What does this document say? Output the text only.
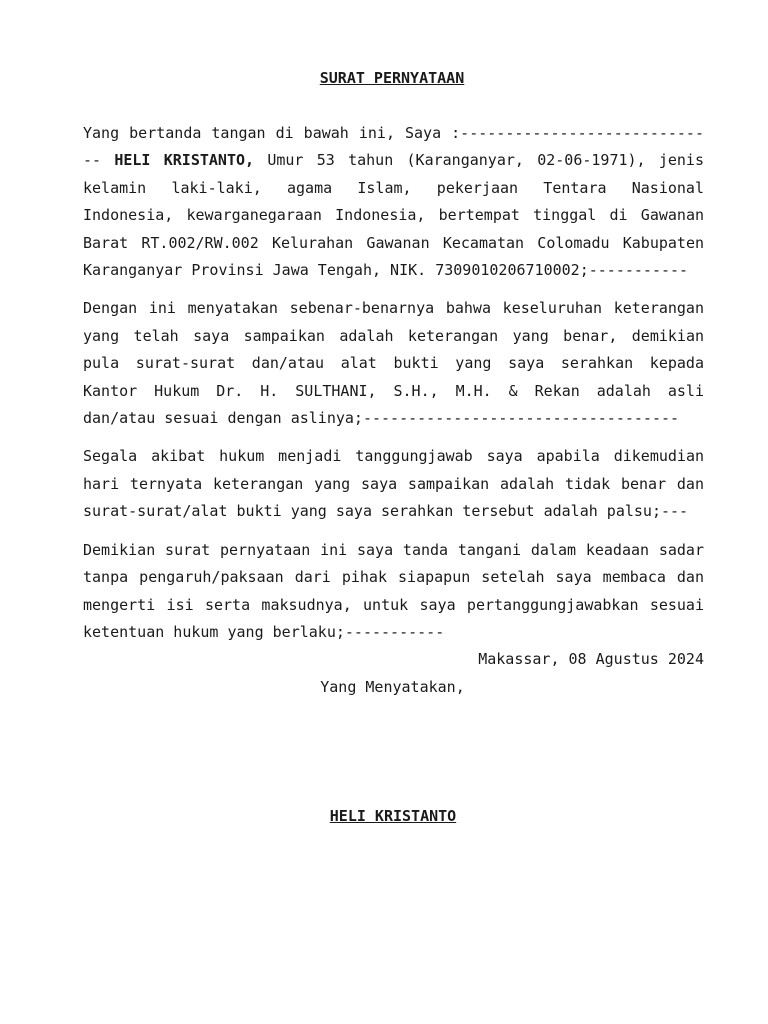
SURAT PERNYATAAN

Yang bertanda tangan di bawah ini, Saya :----------------------------- HELI KRISTANTO, Umur 53 tahun (Karanganyar, 02-06-1971), jenis kelamin laki-laki, agama Islam, pekerjaan Tentara Nasional Indonesia, kewarganegaraan Indonesia, bertempat tinggal di Gawanan Barat RT.002/RW.002 Kelurahan Gawanan Kecamatan Colomadu Kabupaten Karanganyar Provinsi Jawa Tengah, NIK. 7309010206710002;-----------

Dengan ini menyatakan sebenar-benarnya bahwa keseluruhan keterangan yang telah saya sampaikan adalah keterangan yang benar, demikian pula surat-surat dan/atau alat bukti yang saya serahkan kepada Kantor Hukum Dr. H. SULTHANI, S.H., M.H. & Rekan adalah asli dan/atau sesuai dengan aslinya;-----------------------------------

Segala akibat hukum menjadi tanggungjawab saya apabila dikemudian hari ternyata keterangan yang saya sampaikan adalah tidak benar dan surat-surat/alat bukti yang saya serahkan tersebut adalah palsu;---

Demikian surat pernyataan ini saya tanda tangani dalam keadaan sadar tanpa pengaruh/paksaan dari pihak siapapun setelah saya membaca dan mengerti isi serta maksudnya, untuk saya pertanggungjawabkan sesuai ketentuan hukum yang berlaku;-----------

Makassar, 08 Agustus 2024

Yang Menyatakan,

HELI KRISTANTO
